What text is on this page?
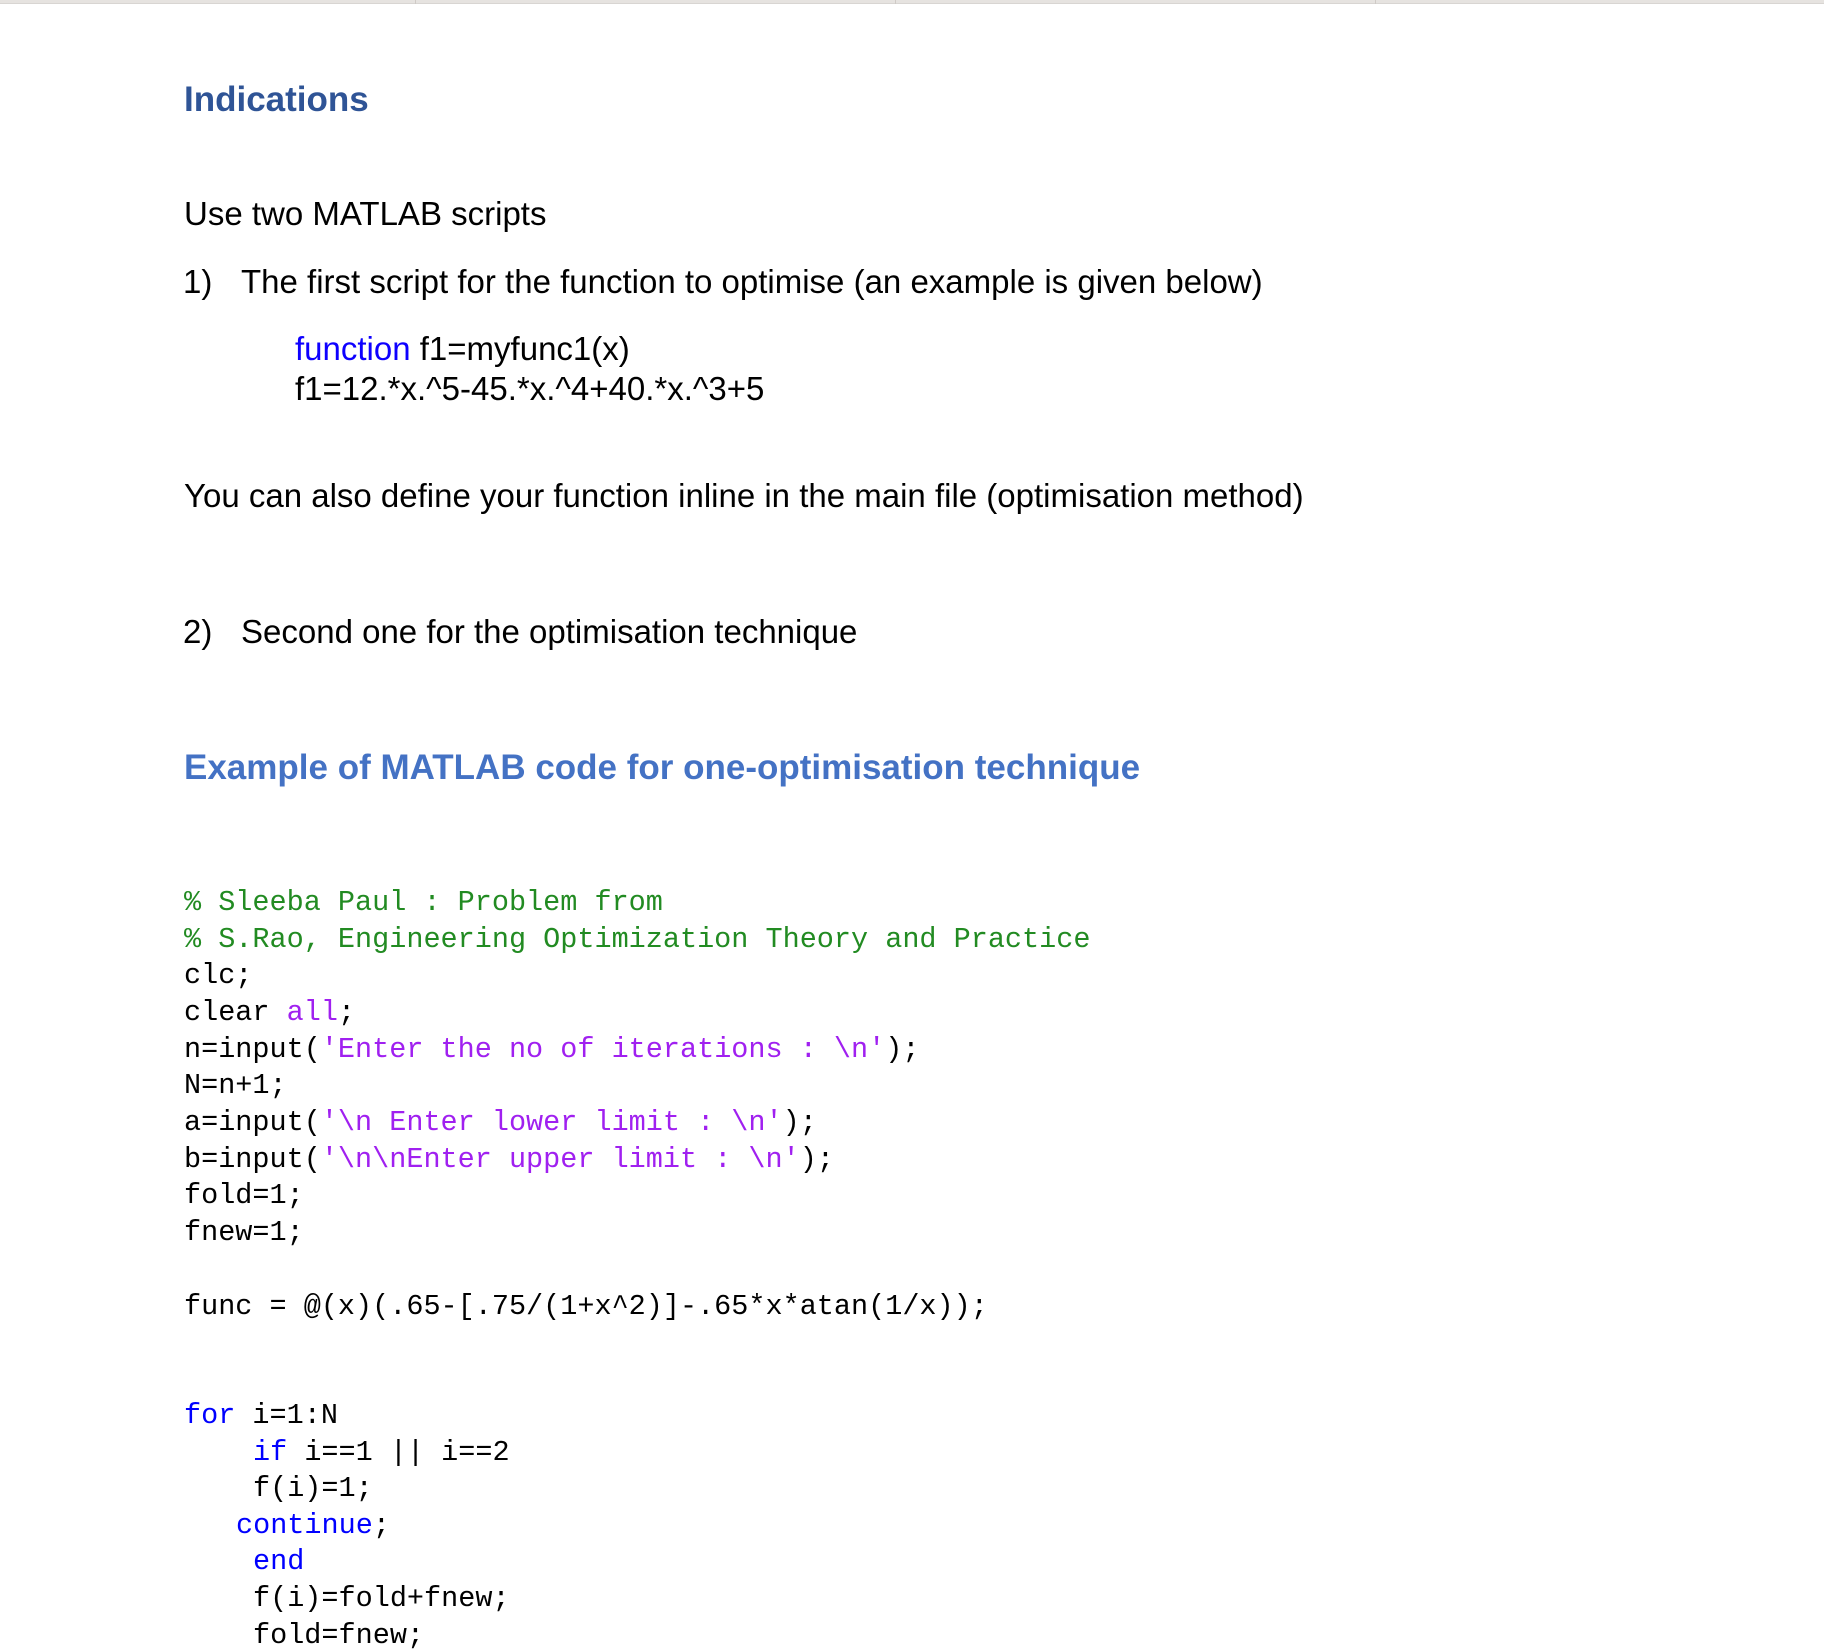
Indications
Use two MATLAB scripts
1) The first script for the function to optimise (an example is given below)
function f1=myfunc1(x)
f1=12.*x.^5-45.*x.^4+40.*x.^3+5
You can also define your function inline in the main file (optimisation method)
2) Second one for the optimisation technique
Example of MATLAB code for one-optimisation technique
% Sleeba Paul : Problem from
% S.Rao, Engineering Optimization Theory and Practice
clc;
clear all;
n=input('Enter the no of iterations : \n');
N=n+1;
a=input('\n Enter lower limit : \n');
b=input('\n\nEnter upper limit : \n');
fold=1;
fnew=1;
func = @(x)(.65-[.75/(1+x^2)]-.65*x*atan(1/x));
for i=1:N
if i==1 || i==2
f(i)=1;
continue;
end
f(i)=fold+fnew;
fold=fnew;
